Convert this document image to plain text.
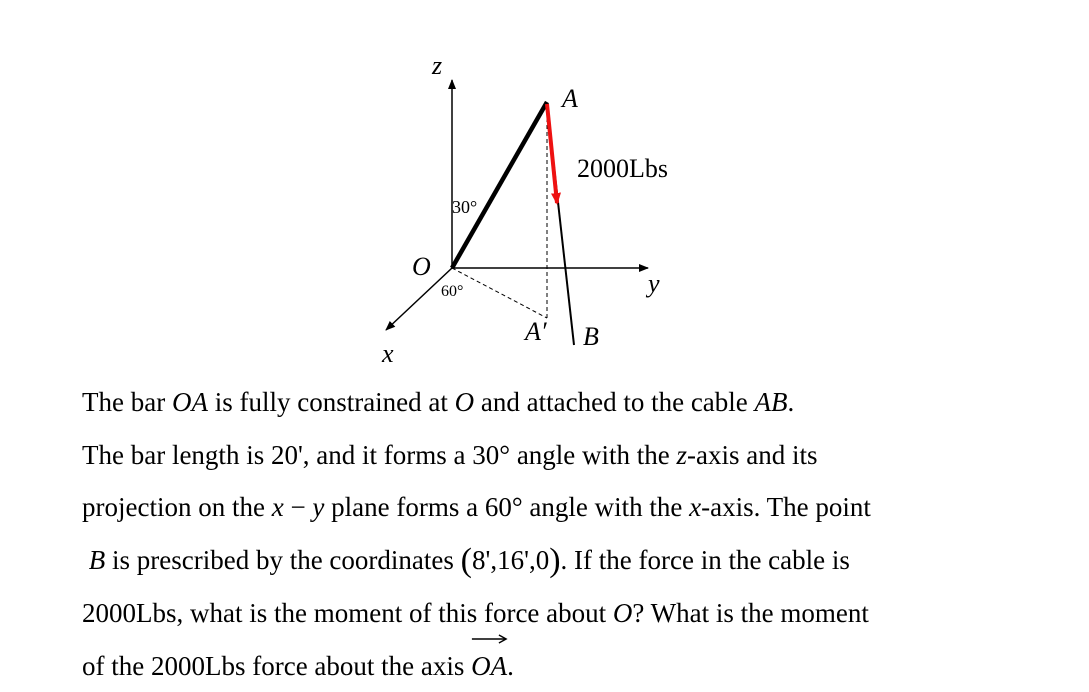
z
y
x
A
O
A′ B
2000Lbs
30°
60°

The bar OA is fully constrained at O and attached to the cable AB.

The bar length is 20', and it forms a 30° angle with the z-axis and its

projection on the x − y plane forms a 60° angle with the x-axis. The point

B is prescribed by the coordinates (8',16',0). If the force in the cable is

2000Lbs, what is the moment of this force about O? What is the moment

of the 2000Lbs force about the axis
OA.
